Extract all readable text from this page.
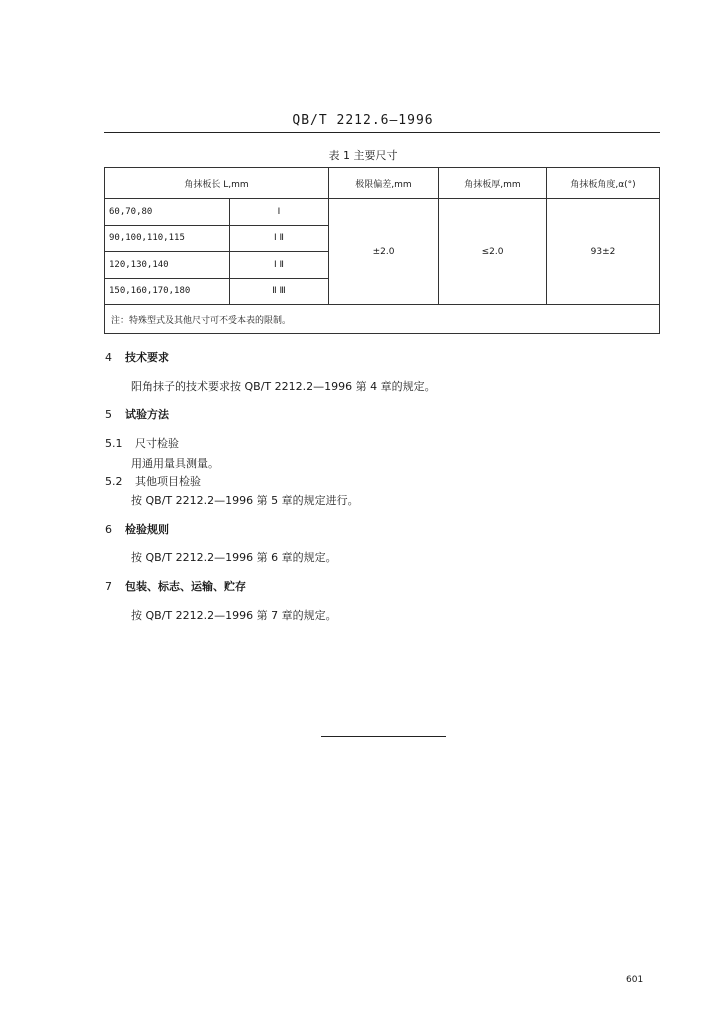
QB/T 2212.6—1996
表 1 主要尺寸
角抹板长 L,mm		极限偏差,mm	角抹板厚,mm	角抹板角度,α(°)
60,70,80	Ⅰ	±2.0	≤2.0	93±2
90,100,110,115	Ⅰ Ⅱ			
120,130,140	Ⅰ Ⅱ			
150,160,170,180	Ⅱ Ⅲ			
注：特殊型式及其他尺寸可不受本表的限制。				
4 技术要求
阳角抹子的技术要求按 QB/T 2212.2—1996 第 4 章的规定。
5 试验方法
5.1 尺寸检验
用通用量具测量。
5.2 其他项目检验
按 QB/T 2212.2—1996 第 5 章的规定进行。
6 检验规则
按 QB/T 2212.2—1996 第 6 章的规定。
7 包装、标志、运输、贮存
按 QB/T 2212.2—1996 第 7 章的规定。
601
